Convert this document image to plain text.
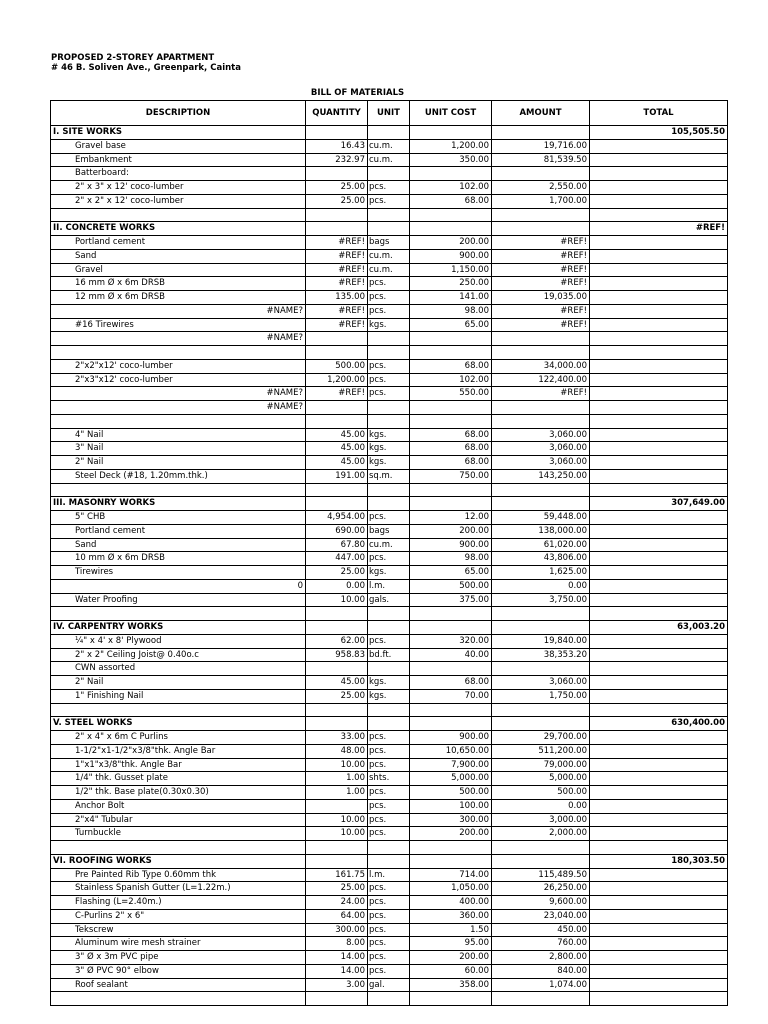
PROPOSED 2-STOREY APARTMENT
# 46 B. Soliven Ave., Greenpark, Cainta
BILL OF MATERIALS
DESCRIPTION	QUANTITY	UNIT	UNIT COST	AMOUNT	TOTAL
I. SITE WORKS					105,505.50
Gravel base	16.43	cu.m.	1,200.00	19,716.00	
Embankment	232.97	cu.m.	350.00	81,539.50	
Batterboard:					
2" x 3" x 12' coco-lumber	25.00	pcs.	102.00	2,550.00	
2" x 2" x 12' coco-lumber	25.00	pcs.	68.00	1,700.00	

II. CONCRETE WORKS					#REF!
Portland cement	#REF!	bags	200.00	#REF!	
Sand	#REF!	cu.m.	900.00	#REF!	
Gravel	#REF!	cu.m.	1,150.00	#REF!	
16 mm Ø x 6m DRSB	#REF!	pcs.	250.00	#REF!	
12 mm Ø x 6m DRSB	135.00	pcs.	141.00	19,035.00	
#NAME?	#REF!	pcs.	98.00	#REF!	
#16 Tirewires	#REF!	kgs.	65.00	#REF!	
#NAME?					

2"x2"x12' coco-lumber	500.00	pcs.	68.00	34,000.00	
2"x3"x12' coco-lumber	1,200.00	pcs.	102.00	122,400.00	
#NAME?	#REF!	pcs.	550.00	#REF!	
#NAME?					

4" Nail	45.00	kgs.	68.00	3,060.00	
3" Nail	45.00	kgs.	68.00	3,060.00	
2" Nail	45.00	kgs.	68.00	3,060.00	
Steel Deck (#18, 1.20mm.thk.)	191.00	sq.m.	750.00	143,250.00	

III. MASONRY WORKS					307,649.00
5" CHB	4,954.00	pcs.	12.00	59,448.00	
Portland cement	690.00	bags	200.00	138,000.00	
Sand	67.80	cu.m.	900.00	61,020.00	
10 mm Ø x 6m DRSB	447.00	pcs.	98.00	43,806.00	
Tirewires	25.00	kgs.	65.00	1,625.00	
0	0.00	l.m.	500.00	0.00	
Water Proofing	10.00	gals.	375.00	3,750.00	

IV. CARPENTRY WORKS					63,003.20
¼" x 4' x 8' Plywood	62.00	pcs.	320.00	19,840.00	
2" x 2" Ceiling Joist@ 0.40o.c	958.83	bd.ft.	40.00	38,353.20	
CWN assorted					
2" Nail	45.00	kgs.	68.00	3,060.00	
1" Finishing Nail	25.00	kgs.	70.00	1,750.00	

V. STEEL WORKS					630,400.00
2" x 4" x 6m C Purlins	33.00	pcs.	900.00	29,700.00	
1-1/2"x1-1/2"x3/8"thk. Angle Bar	48.00	pcs.	10,650.00	511,200.00	
1"x1"x3/8"thk. Angle Bar	10.00	pcs.	7,900.00	79,000.00	
1/4" thk. Gusset plate	1.00	shts.	5,000.00	5,000.00	
1/2" thk. Base plate(0.30x0.30)	1.00	pcs.	500.00	500.00	
Anchor Bolt		pcs.	100.00	0.00	
2"x4" Tubular	10.00	pcs.	300.00	3,000.00	
Turnbuckle	10.00	pcs.	200.00	2,000.00	

VI. ROOFING WORKS					180,303.50
Pre Painted Rib Type 0.60mm thk	161.75	l.m.	714.00	115,489.50	
Stainless Spanish Gutter (L=1.22m.)	25.00	pcs.	1,050.00	26,250.00	
Flashing (L=2.40m.)	24.00	pcs.	400.00	9,600.00	
C-Purlins 2" x 6"	64.00	pcs.	360.00	23,040.00	
Tekscrew	300.00	pcs.	1.50	450.00	
Aluminum wire mesh strainer	8.00	pcs.	95.00	760.00	
3" Ø x 3m PVC pipe	14.00	pcs.	200.00	2,800.00	
3" Ø PVC 90° elbow	14.00	pcs.	60.00	840.00	
Roof sealant	3.00	gal.	358.00	1,074.00	
